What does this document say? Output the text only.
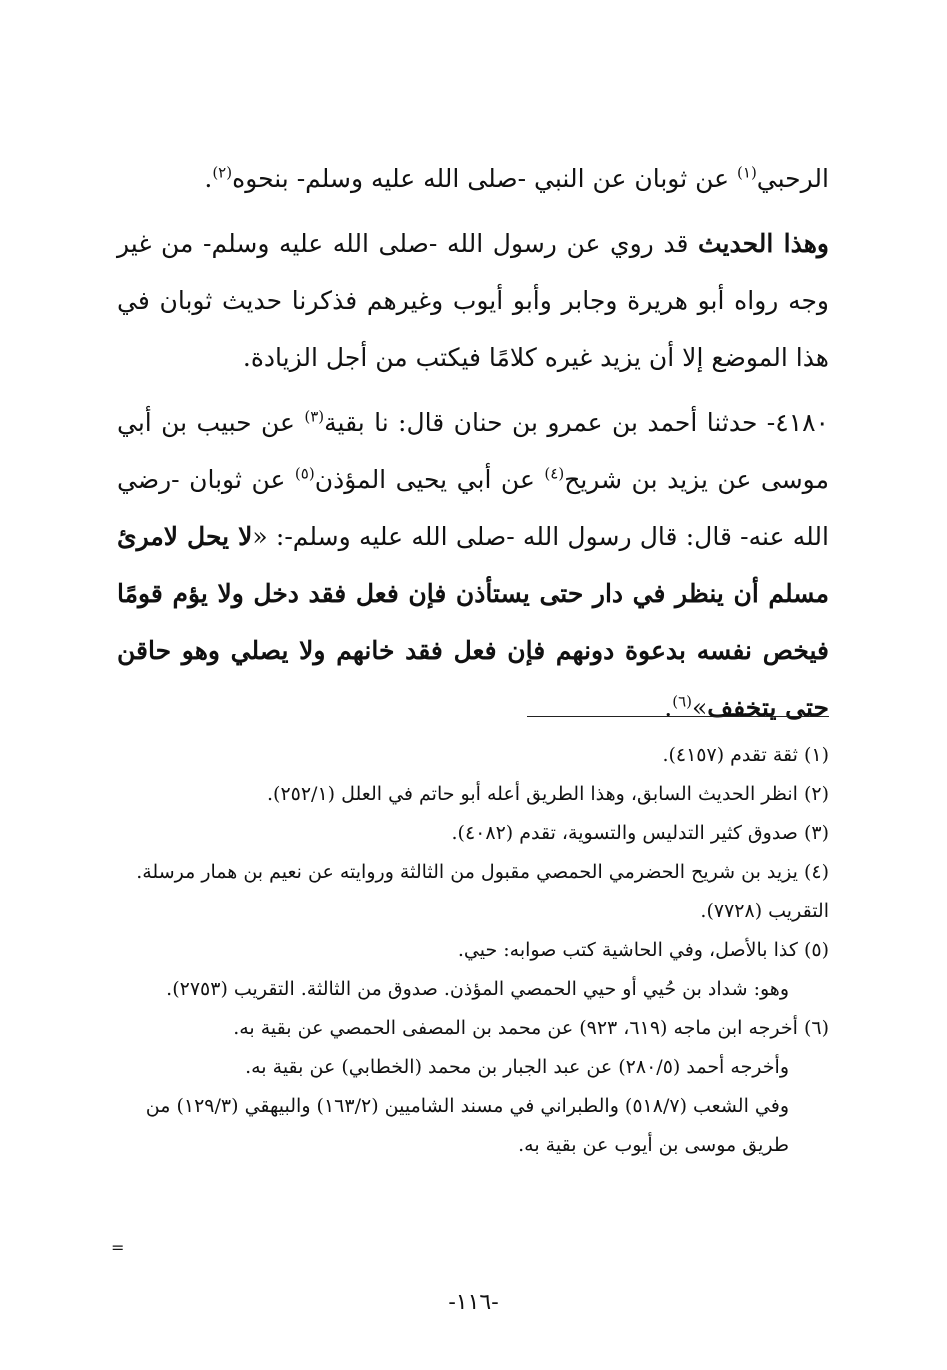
الرحبي$^{(١)}$ عن ثوبان عن النبي -صلى الله عليه وسلم- بنحوه$^{(٢)}$.

وهذا الحديث قد روي عن رسول الله -صلى الله عليه وسلم- من غير وجه رواه أبو هريرة وجابر وأبو أيوب وغيرهم فذكرنا حديث ثوبان في هذا الموضع إلا أن يزيد غيره كلامًا فيكتب من أجل الزيادة.

٤١٨٠- حدثنا أحمد بن عمرو بن حنان قال: نا بقية$^{(٣)}$ عن حبيب بن أبي موسى عن يزيد بن شريح$^{(٤)}$ عن أبي يحيى المؤذن$^{(٥)}$ عن ثوبان -رضي الله عنه- قال: قال رسول الله -صلى الله عليه وسلم-: «لا يحل لامرئ مسلم أن ينظر في دار حتى يستأذن فإن فعل فقد دخل ولا يؤم قومًا فيخص نفسه بدعوة دونهم فإن فعل فقد خانهم ولا يصلي وهو حاقن حتى يتخفف»$^{(٦)}$.

(١)ثقة تقدم (٤١٥٧).

(٢)انظر الحديث السابق، وهذا الطريق أعله أبو حاتم في العلل (٢٥٢/١).

(٣)صدوق كثير التدليس والتسوية، تقدم (٤٠٨٢).

(٤)يزيد بن شريح الحضرمي الحمصي مقبول من الثالثة وروايته عن نعيم بن همار مرسلة. التقريب (٧٧٢٨).

(٥)كذا بالأصل، وفي الحاشية كتب صوابه: حيي.

وهو: شداد بن حُيي أو حيي الحمصي المؤذن. صدوق من الثالثة. التقريب (٢٧٥٣).

(٦)أخرجه ابن ماجه (٦١٩، ٩٢٣) عن محمد بن المصفى الحمصي عن بقية به.

وأخرجه أحمد (٢٨٠/٥) عن عبد الجبار بن محمد (الخطابي) عن بقية به.

وفي الشعب (٥١٨/٧) والطبراني في مسند الشاميين (١٦٣/٢) والبيهقي (١٢٩/٣) من طريق موسى بن أيوب عن بقية به.

=
-١١٦-
